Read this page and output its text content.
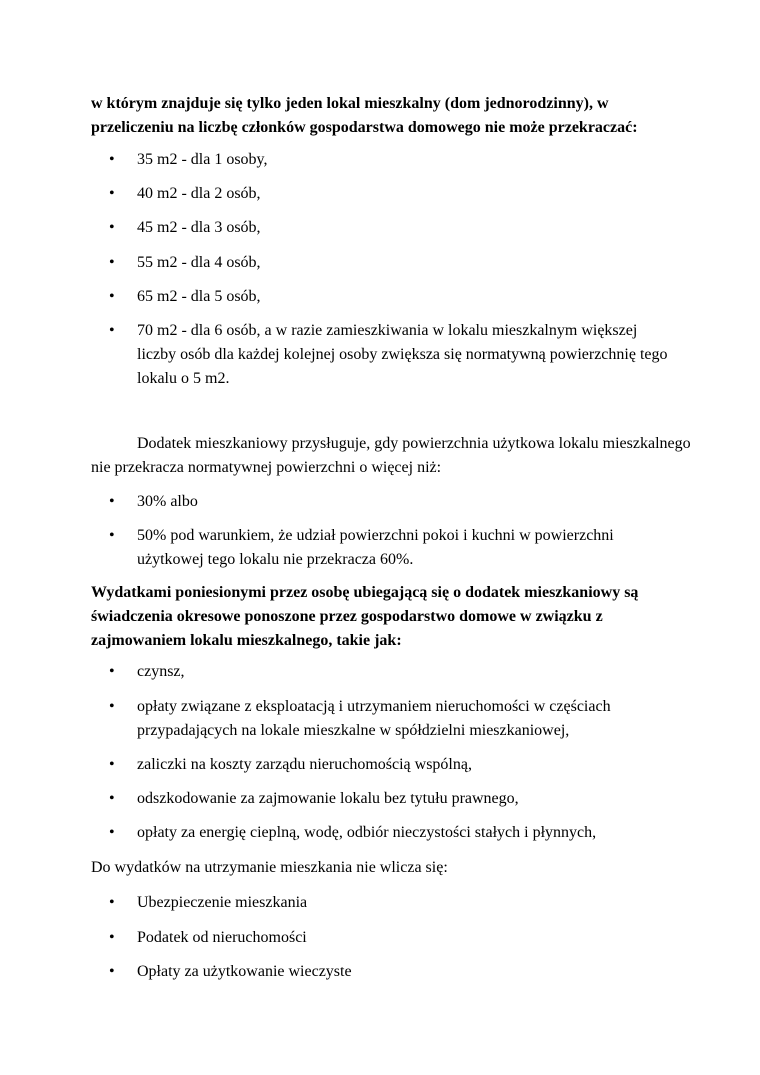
w którym znajduje się tylko jeden lokal mieszkalny (dom jednorodzinny), w przeliczeniu na liczbę członków gospodarstwa domowego nie może przekraczać:

• 35 m2 - dla 1 osoby,
• 40 m2 - dla 2 osób,
• 45 m2 - dla 3 osób,
• 55 m2 - dla 4 osób,
• 65 m2 - dla 5 osób,
• 70 m2 - dla 6 osób, a w razie zamieszkiwania w lokalu mieszkalnym większej liczby osób dla każdej kolejnej osoby zwiększa się normatywną powierzchnię tego lokalu o 5 m2.

Dodatek mieszkaniowy przysługuje, gdy powierzchnia użytkowa lokalu mieszkalnego nie przekracza normatywnej powierzchni o więcej niż:

• 30% albo
• 50% pod warunkiem, że udział powierzchni pokoi i kuchni w powierzchni użytkowej tego lokalu nie przekracza 60%.

Wydatkami poniesionymi przez osobę ubiegającą się o dodatek mieszkaniowy są świadczenia okresowe ponoszone przez gospodarstwo domowe w związku z zajmowaniem lokalu mieszkalnego, takie jak:

• czynsz,
• opłaty związane z eksploatacją i utrzymaniem nieruchomości w częściach przypadających na lokale mieszkalne w spółdzielni mieszkaniowej,
• zaliczki na koszty zarządu nieruchomością wspólną,
• odszkodowanie za zajmowanie lokalu bez tytułu prawnego,
• opłaty za energię cieplną, wodę, odbiór nieczystości stałych i płynnych,

Do wydatków na utrzymanie mieszkania nie wlicza się:

• Ubezpieczenie mieszkania
• Podatek od nieruchomości
• Opłaty za użytkowanie wieczyste
